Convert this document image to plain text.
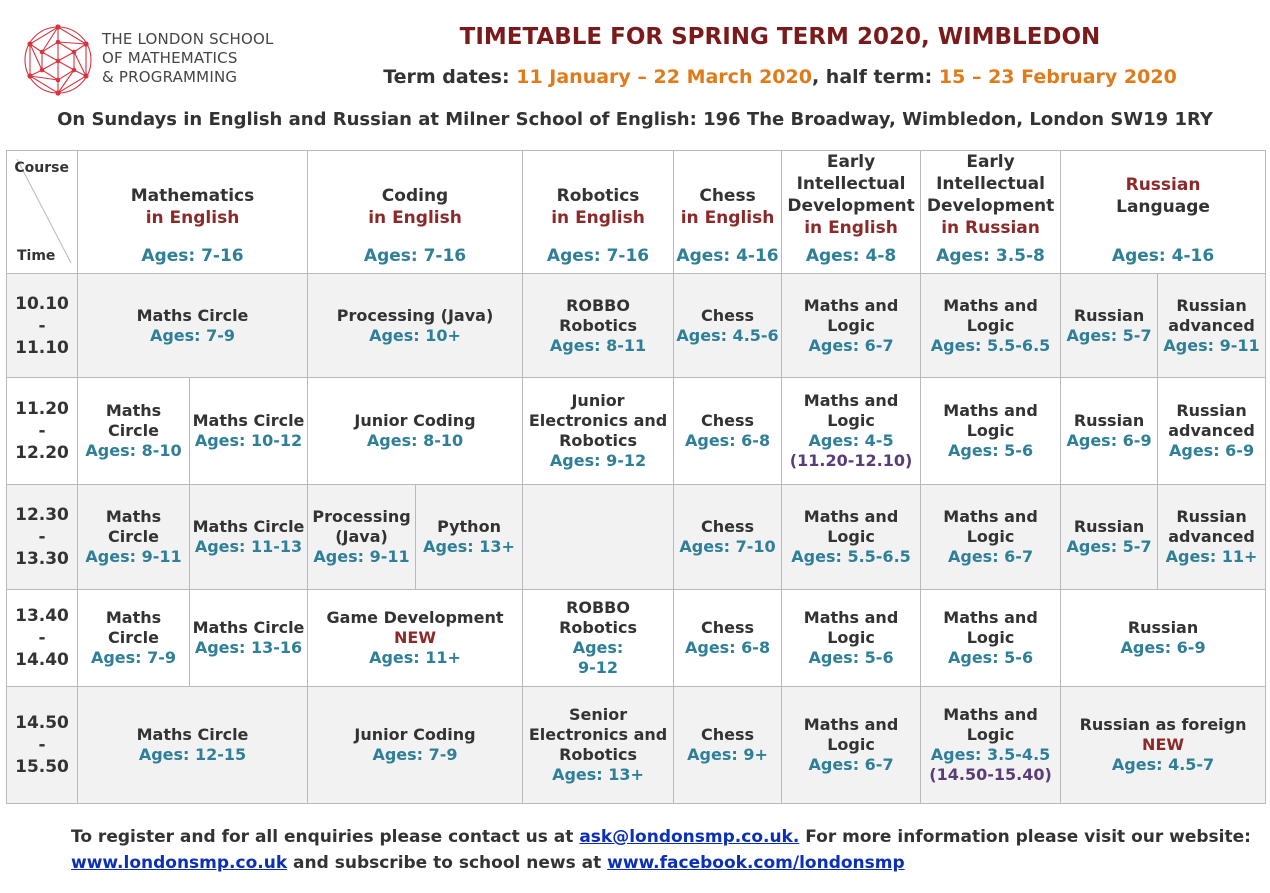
THE LONDON SCHOOL
OF MATHEMATICS
& PROGRAMMING
TIMETABLE FOR SPRING TERM 2020, WIMBLEDON
Term dates: 11 January – 22 March 2020, half term: 15 – 23 February 2020
On Sundays in English and Russian at Milner School of English: 196 The Broadway, Wimbledon, London SW19 1RY
Course
Time	Mathematics
in English
Ages: 7-16		Coding
in English
Ages: 7-16		Robotics
in English
Ages: 7-16	Chess
in English
Ages: 4-16	Early Intellectual Development
in English
Ages: 4-8	Early Intellectual Development
in Russian
Ages: 3.5-8	Russian
Language
Ages: 4-16	

10.10
-
11.10	Maths Circle
Ages: 7-9		Processing (Java)
Ages: 10+		ROBBO Robotics
Ages: 8-11	Chess
Ages: 4.5-6	Maths and Logic
Ages: 6-7	Maths and Logic
Ages: 5.5-6.5	Russian
Ages: 5-7	Russian advanced
Ages: 9-11

11.20
-
12.20	Maths Circle
Ages: 8-10	Maths Circle
Ages: 10-12	Junior Coding
Ages: 8-10		Junior Electronics and Robotics
Ages: 9-12	Chess
Ages: 6-8	Maths and Logic
Ages: 4-5
(11.20-12.10)	Maths and Logic
Ages: 5-6	Russian
Ages: 6-9	Russian advanced
Ages: 6-9

12.30
-
13.30	Maths Circle
Ages: 9-11	Maths Circle
Ages: 11-13	Processing (Java)
Ages: 9-11	Python
Ages: 13+		Chess
Ages: 7-10	Maths and Logic
Ages: 5.5-6.5	Maths and Logic
Ages: 6-7	Russian
Ages: 5-7	Russian advanced
Ages: 11+

13.40
-
14.40	Maths Circle
Ages: 7-9	Maths Circle
Ages: 13-16	Game Development
NEW
Ages: 11+		ROBBO Robotics
Ages:
9-12	Chess
Ages: 6-8	Maths and Logic
Ages: 5-6	Maths and Logic
Ages: 5-6	Russian
Ages: 6-9	

14.50
-
15.50	Maths Circle
Ages: 12-15		Junior Coding
Ages: 7-9		Senior Electronics and Robotics
Ages: 13+	Chess
Ages: 9+	Maths and Logic
Ages: 6-7	Maths and Logic
Ages: 3.5-4.5
(14.50-15.40)	Russian as foreign
NEW
Ages: 4.5-7	
To register and for all enquiries please contact us at ask@londonsmp.co.uk. For more information please visit our website:
www.londonsmp.co.uk and subscribe to school news at www.facebook.com/londonsmp
